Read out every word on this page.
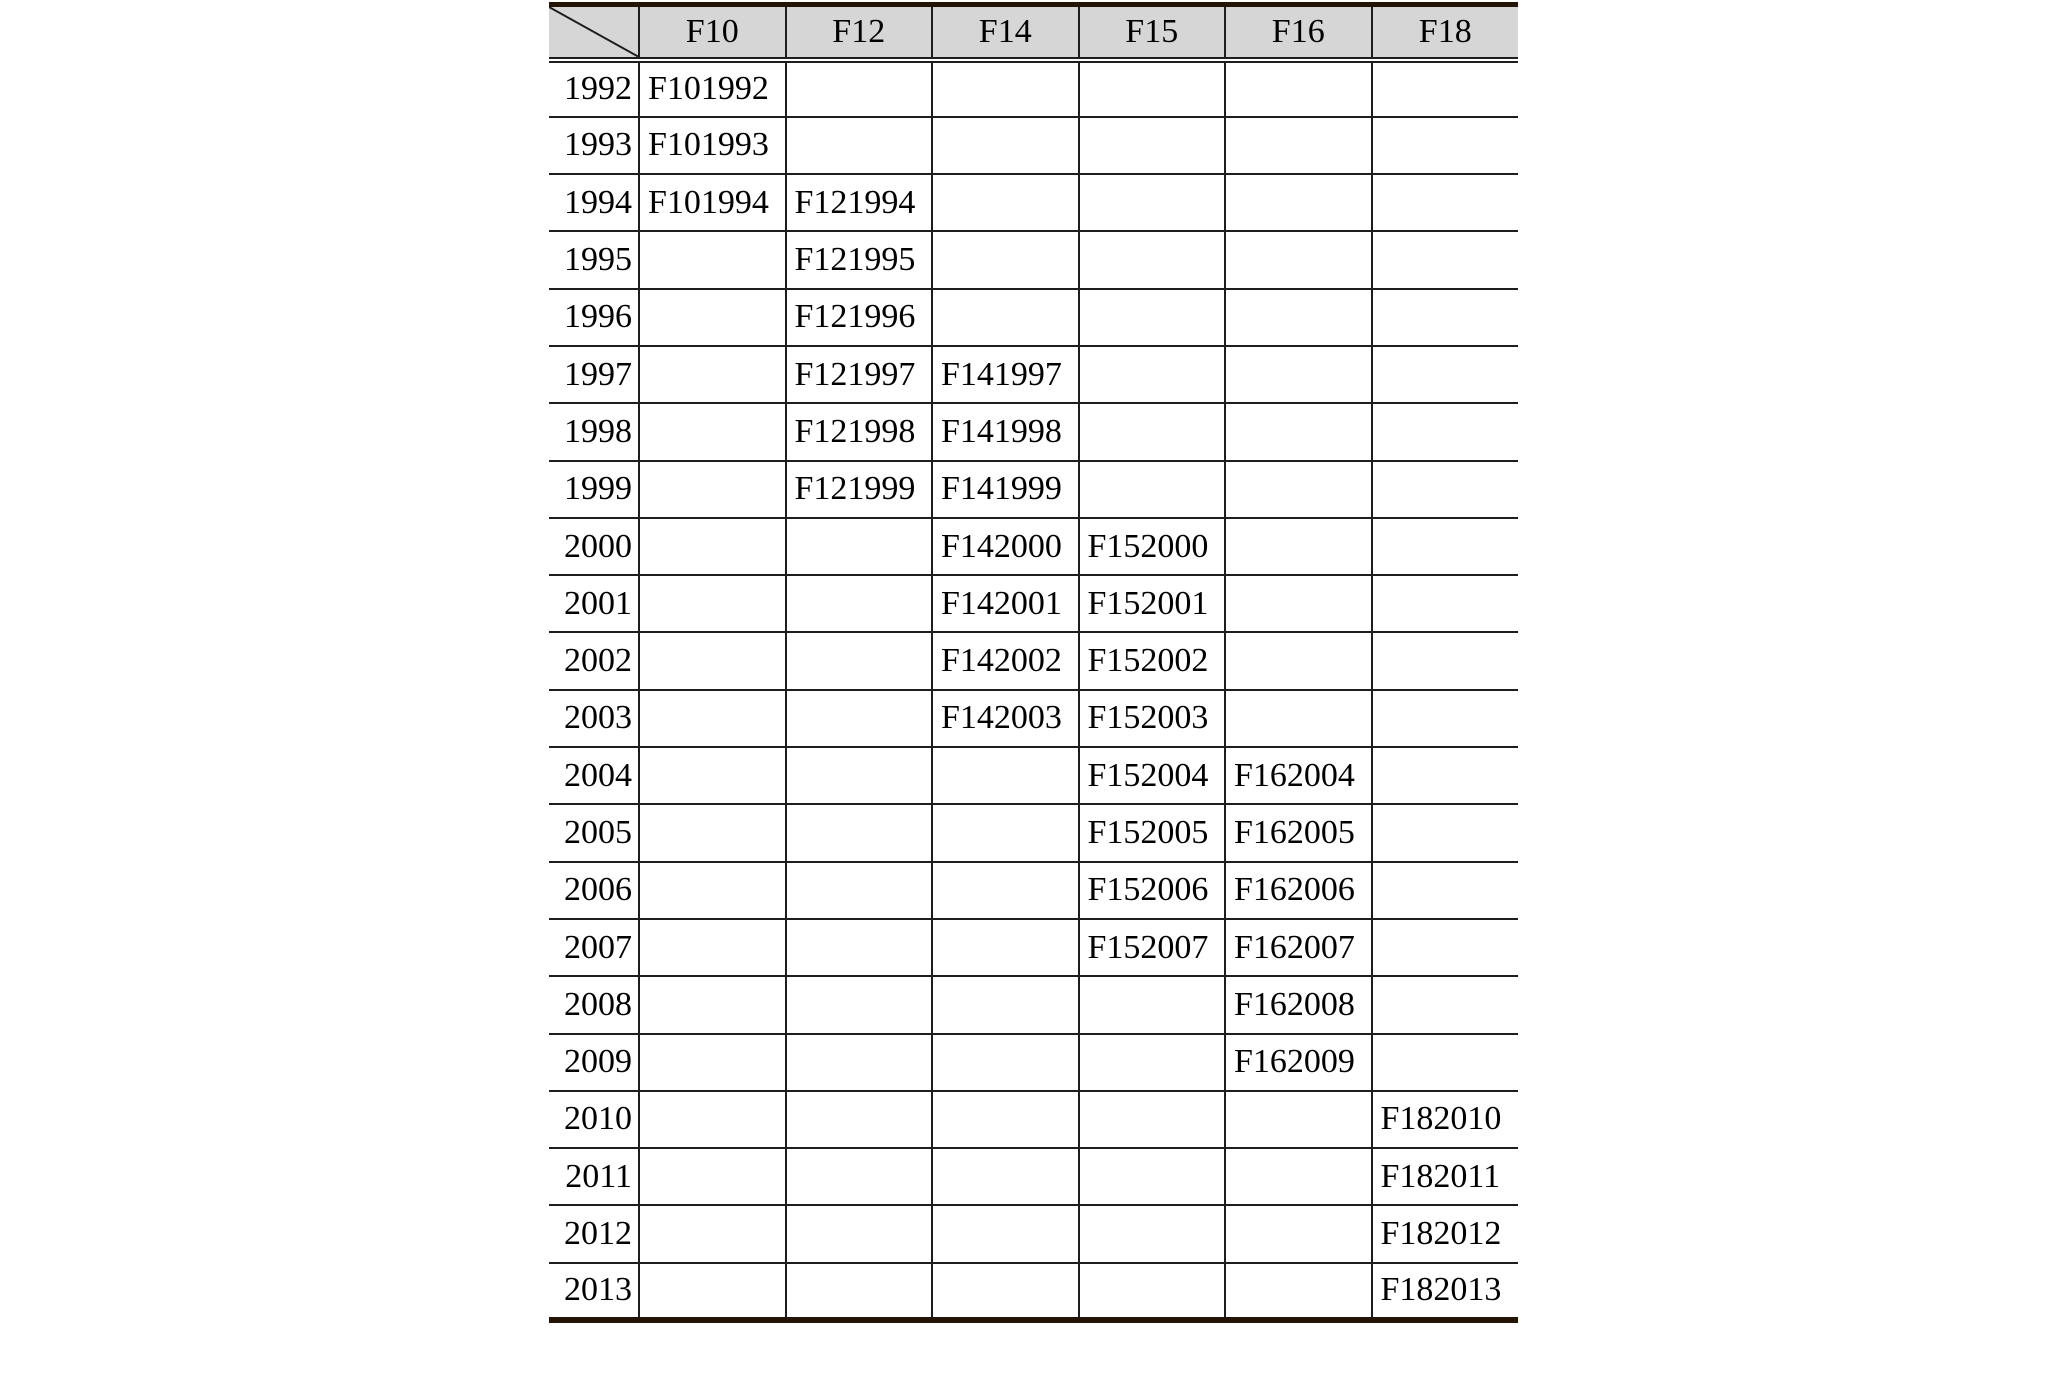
	F10	F12	F14	F15	F16	F18
1992	F101992					
1993	F101993					
1994	F101994	F121994				
1995		F121995				
1996		F121996				
1997		F121997	F141997			
1998		F121998	F141998			
1999		F121999	F141999			
2000			F142000	F152000		
2001			F142001	F152001		
2002			F142002	F152002		
2003			F142003	F152003		
2004				F152004	F162004	
2005				F152005	F162005	
2006				F152006	F162006	
2007				F152007	F162007	
2008					F162008	
2009					F162009	
2010						F182010
2011						F182011
2012						F182012
2013						F182013
